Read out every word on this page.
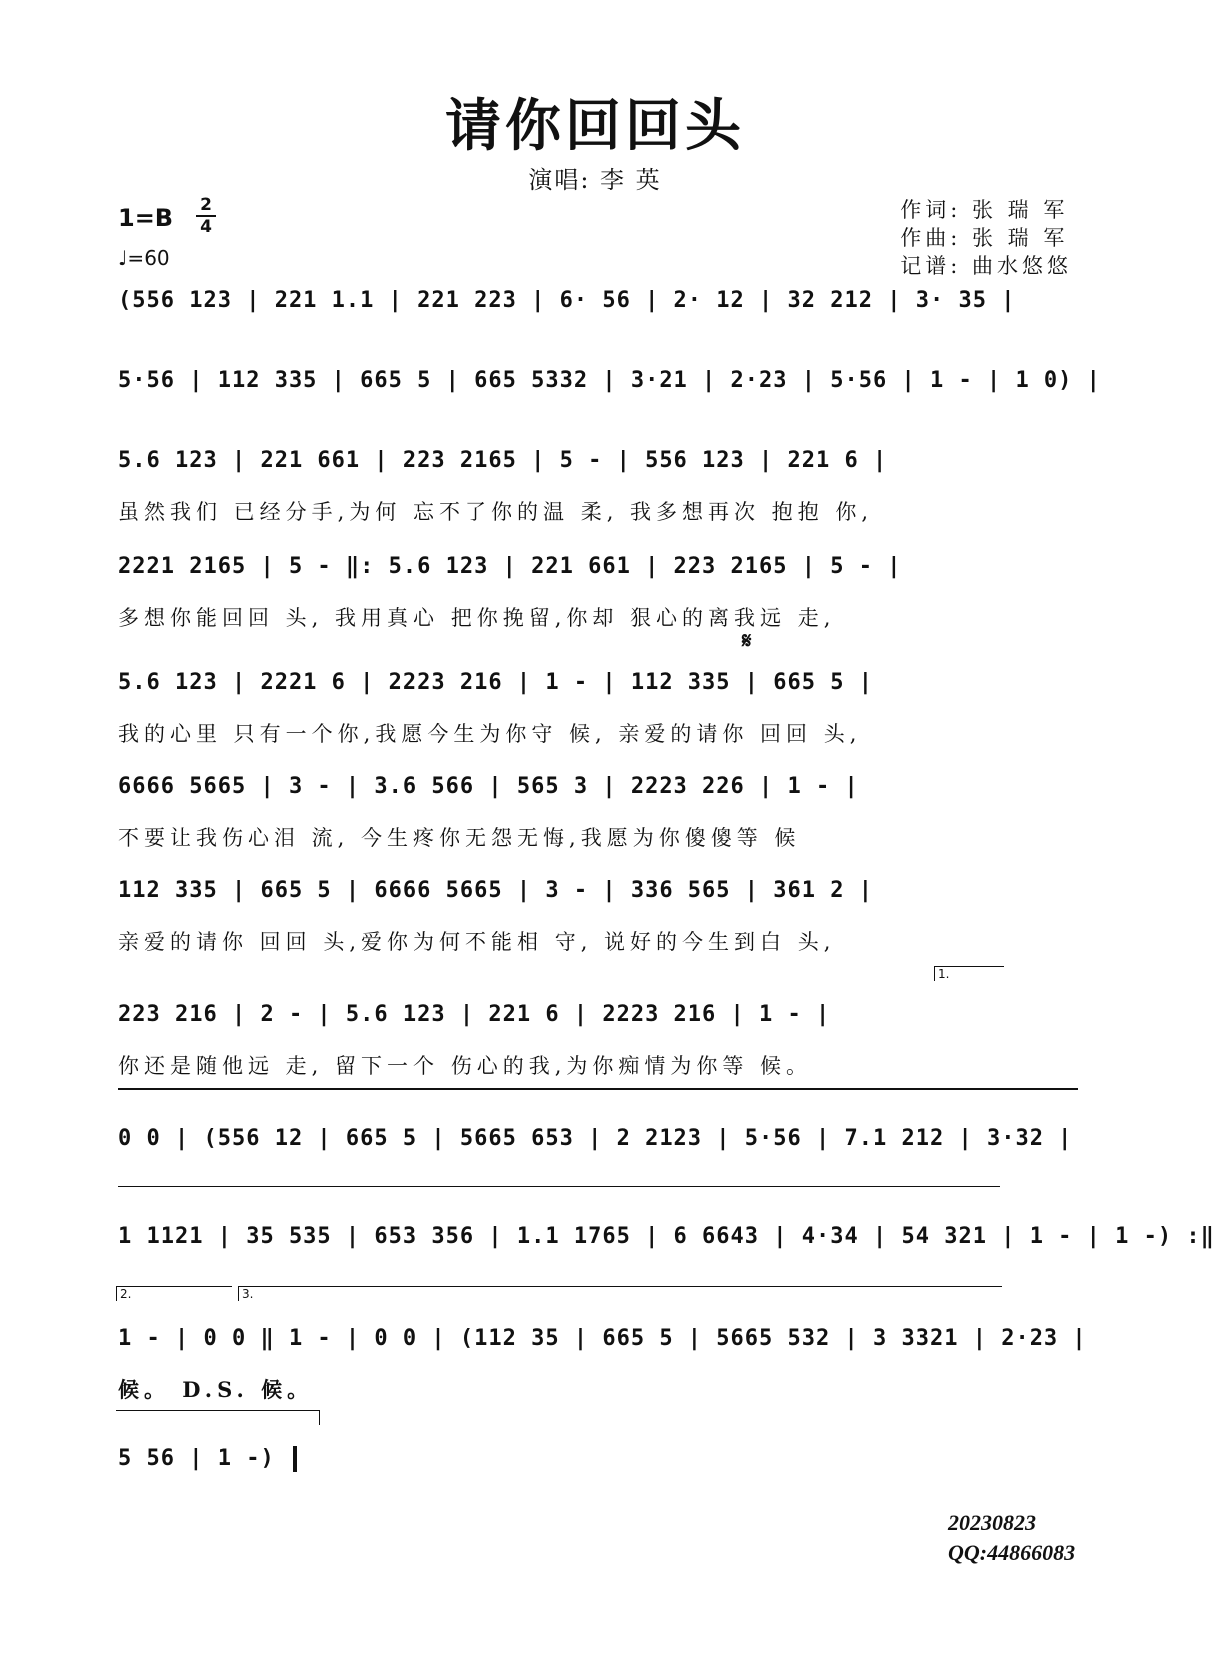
请你回回头
演唱: 李 英
1=B 2
4
♩=60
作词: 张 瑞 军
作曲: 张 瑞 军
记谱: 曲水悠悠
(556 123 | 221 1.1 | 221 223 | 6· 56 | 2· 12 | 32 212 | 3· 35 |
5·56 | 112 335 | 665 5 | 665 5332 | 3·21 | 2·23 | 5·56 | 1 - | 1 0) |
5.6 123 | 221 661 | 223 2165 | 5 - | 556 123 | 221 6 |
虽然我们 已经分手,为何 忘不了你的温 柔, 我多想再次 抱抱 你,
2221 2165 | 5 - ‖: 5.6 123 | 221 661 | 223 2165 | 5 - |
多想你能回回 头, 我用真心 把你挽留,你却 狠心的离我远 走,
𝄋
5.6 123 | 2221 6 | 2223 216 | 1 - | 112 335 | 665 5 |
我的心里 只有一个你,我愿今生为你守 候, 亲爱的请你 回回 头,
6666 5665 | 3 - | 3.6 566 | 565 3 | 2223 226 | 1 - |
不要让我伤心泪 流, 今生疼你无怨无悔,我愿为你傻傻等 候
112 335 | 665 5 | 6666 5665 | 3 - | 336 565 | 361 2 |
亲爱的请你 回回 头,爱你为何不能相 守, 说好的今生到白 头,
1.
223 216 | 2 - | 5.6 123 | 221 6 | 2223 216 | 1 - |
你还是随他远 走, 留下一个 伤心的我,为你痴情为你等 候。
0 0 | (556 12 | 665 5 | 5665 653 | 2 2123 | 5·56 | 7.1 212 | 3·32 |
1 1121 | 35 535 | 653 356 | 1.1 1765 | 6 6643 | 4·34 | 54 321 | 1 - | 1 -) :‖
2.	3.
1 - | 0 0 ‖ 1 - | 0 0 | (112 35 | 665 5 | 5665 532 | 3 3321 | 2·23 |
候。 D.S. 候。
5 56 | 1 -)
20230823
QQ:44866083
